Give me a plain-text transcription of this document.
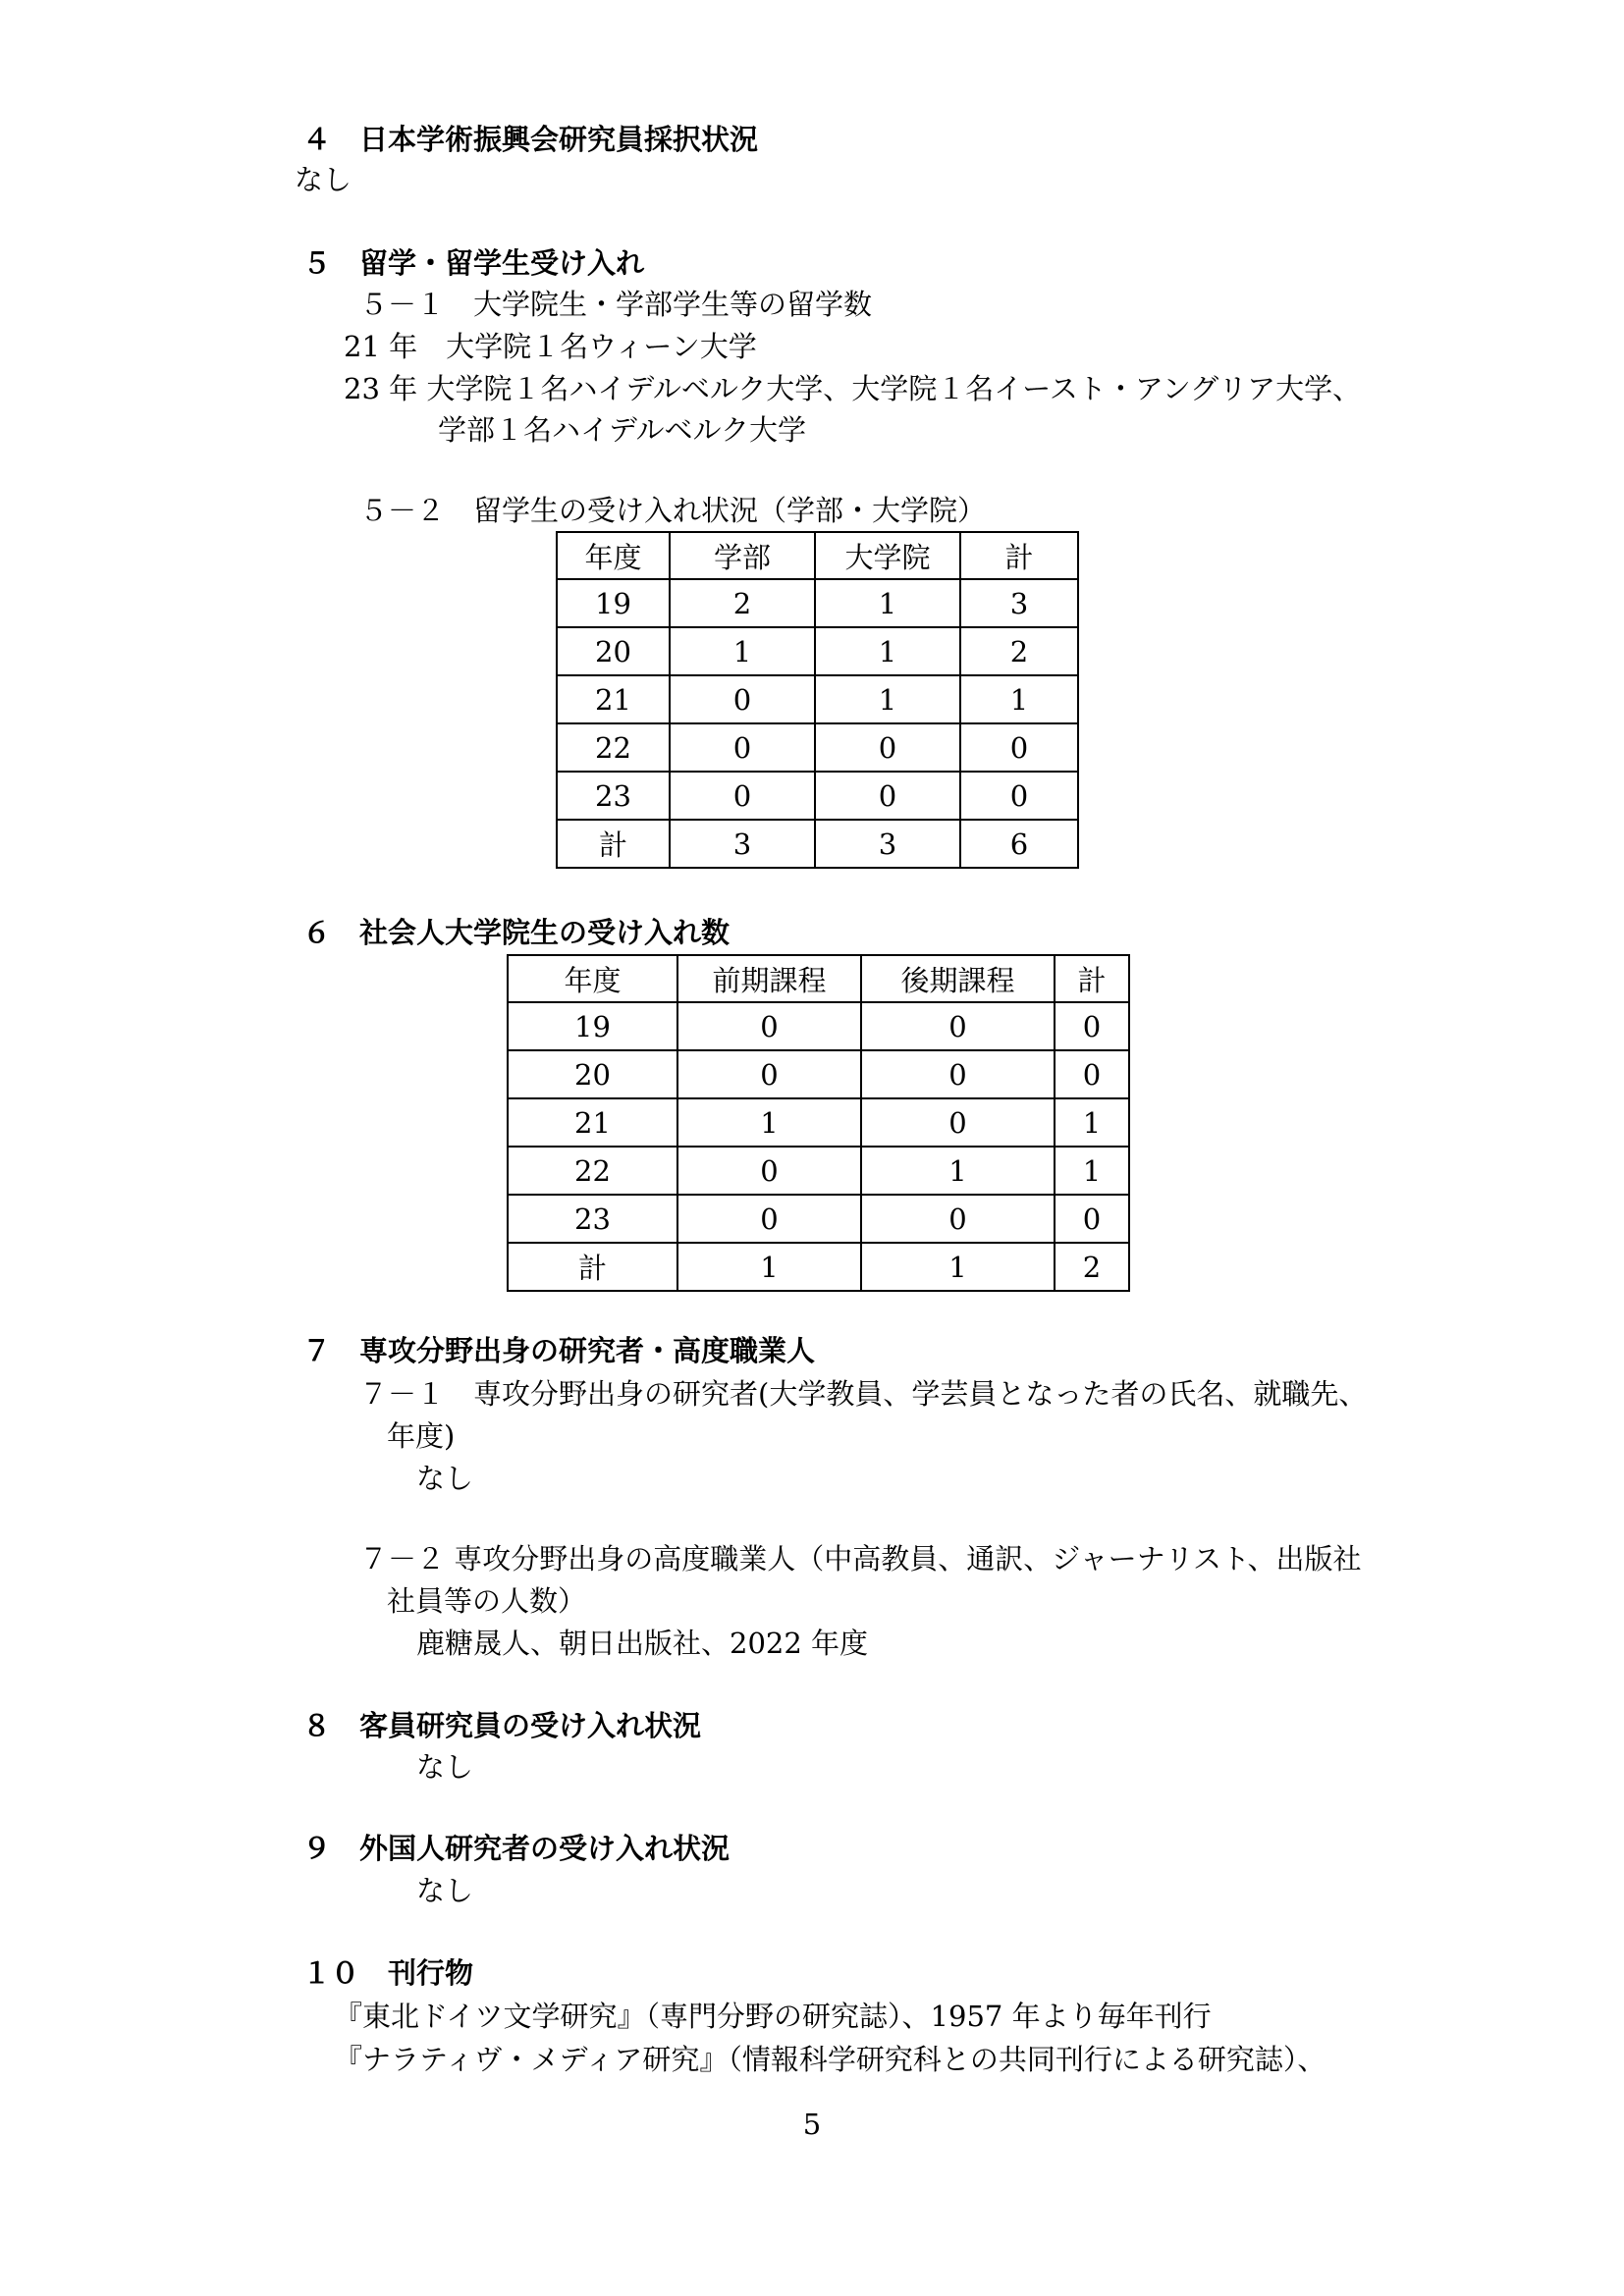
４　日本学術振興会研究員採択状況
なし
５　留学・留学生受け入れ
５－１　大学院生・学部学生等の留学数
21 年　大学院１名ウィーン大学
23 年 大学院１名ハイデルベルク大学、大学院１名イースト・アングリア大学、
学部１名ハイデルベルク大学
５－２　留学生の受け入れ状況（学部・大学院）
年度	学部	大学院	計
19	2	1	3
20	1	1	2
21	0	1	1
22	0	0	0
23	0	0	0
計	3	3	6
６　社会人大学院生の受け入れ数
年度	前期課程	後期課程	計
19	0	0	0
20	0	0	0
21	1	0	1
22	0	1	1
23	0	0	0
計	1	1	2
７　専攻分野出身の研究者・高度職業人
７－１　専攻分野出身の研究者(大学教員、学芸員となった者の氏名、就職先、
年度)
なし
７－２ 専攻分野出身の高度職業人（中高教員、通訳、ジャーナリスト、出版社
社員等の人数）
鹿糖晟人、朝日出版社、2022 年度
８　客員研究員の受け入れ状況
なし
９　外国人研究者の受け入れ状況
なし
１０　刊行物
『東北ドイツ文学研究』（専門分野の研究誌）、1957 年より毎年刊行
『ナラティヴ・メディア研究』（情報科学研究科との共同刊行による研究誌）、
5
